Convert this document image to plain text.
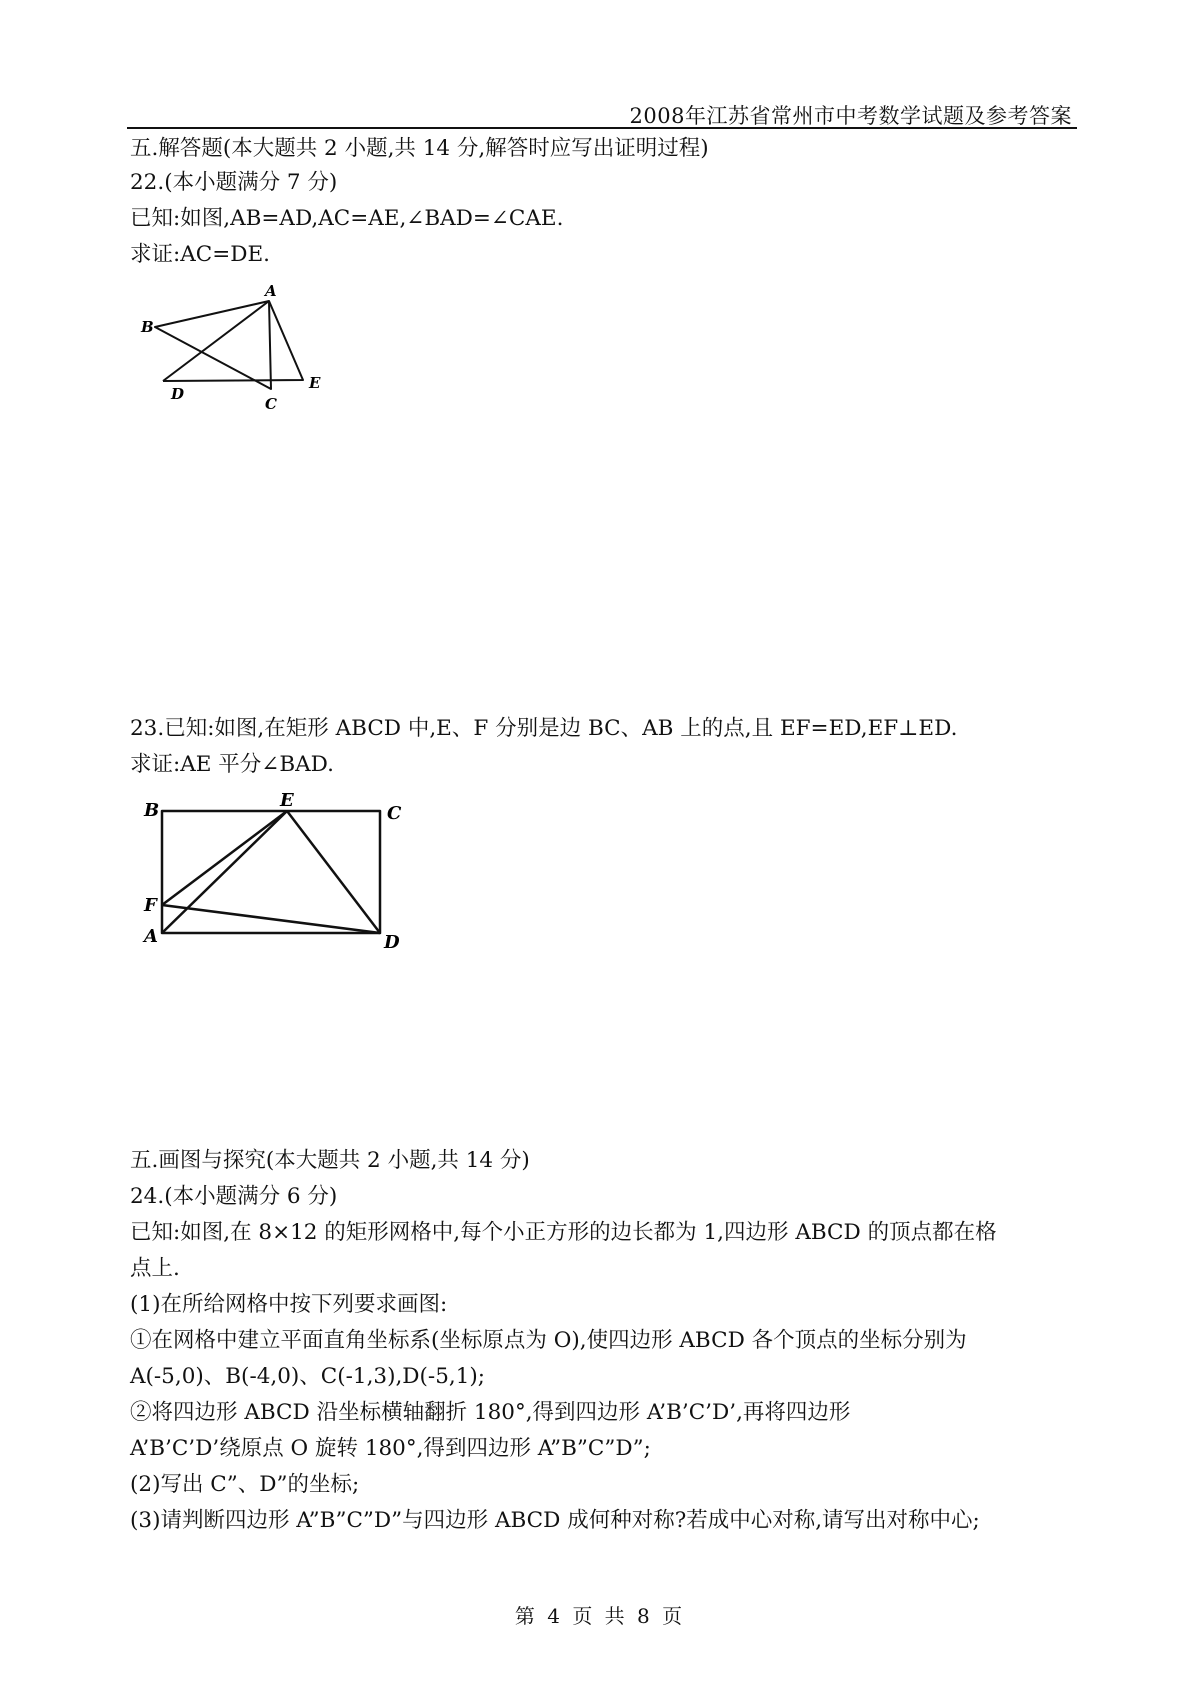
2008年江苏省常州市中考数学试题及参考答案
五.解答题(本大题共 2 小题,共 14 分,解答时应写出证明过程)
22.(本小题满分 7 分)
已知:如图,AB=AD,AC=AE,∠BAD=∠CAE.
求证:AC=DE.
A
B
C
D
E
23.已知:如图,在矩形 ABCD 中,E、F 分别是边 BC、AB 上的点,且 EF=ED,EF⊥ED.
求证:AE 平分∠BAD.
B	E
C
F
A	D
五.画图与探究(本大题共 2 小题,共 14 分)
24.(本小题满分 6 分)
已知:如图,在 8×12 的矩形网格中,每个小正方形的边长都为 1,四边形 ABCD 的顶点都在格
点上.
(1)在所给网格中按下列要求画图:
①在网格中建立平面直角坐标系(坐标原点为 O),使四边形 ABCD 各个顶点的坐标分别为
A(-5,0)、B(-4,0)、C(-1,3),D(-5,1);
②将四边形 ABCD 沿坐标横轴翻折 180°,得到四边形 A’B’C’D’,再将四边形
A’B’C’D’绕原点 O 旋转 180°,得到四边形 A”B”C”D”;
(2)写出 C”、D”的坐标;
(3)请判断四边形 A”B”C”D”与四边形 ABCD 成何种对称?若成中心对称,请写出对称中心;
第 4 页 共 8 页
